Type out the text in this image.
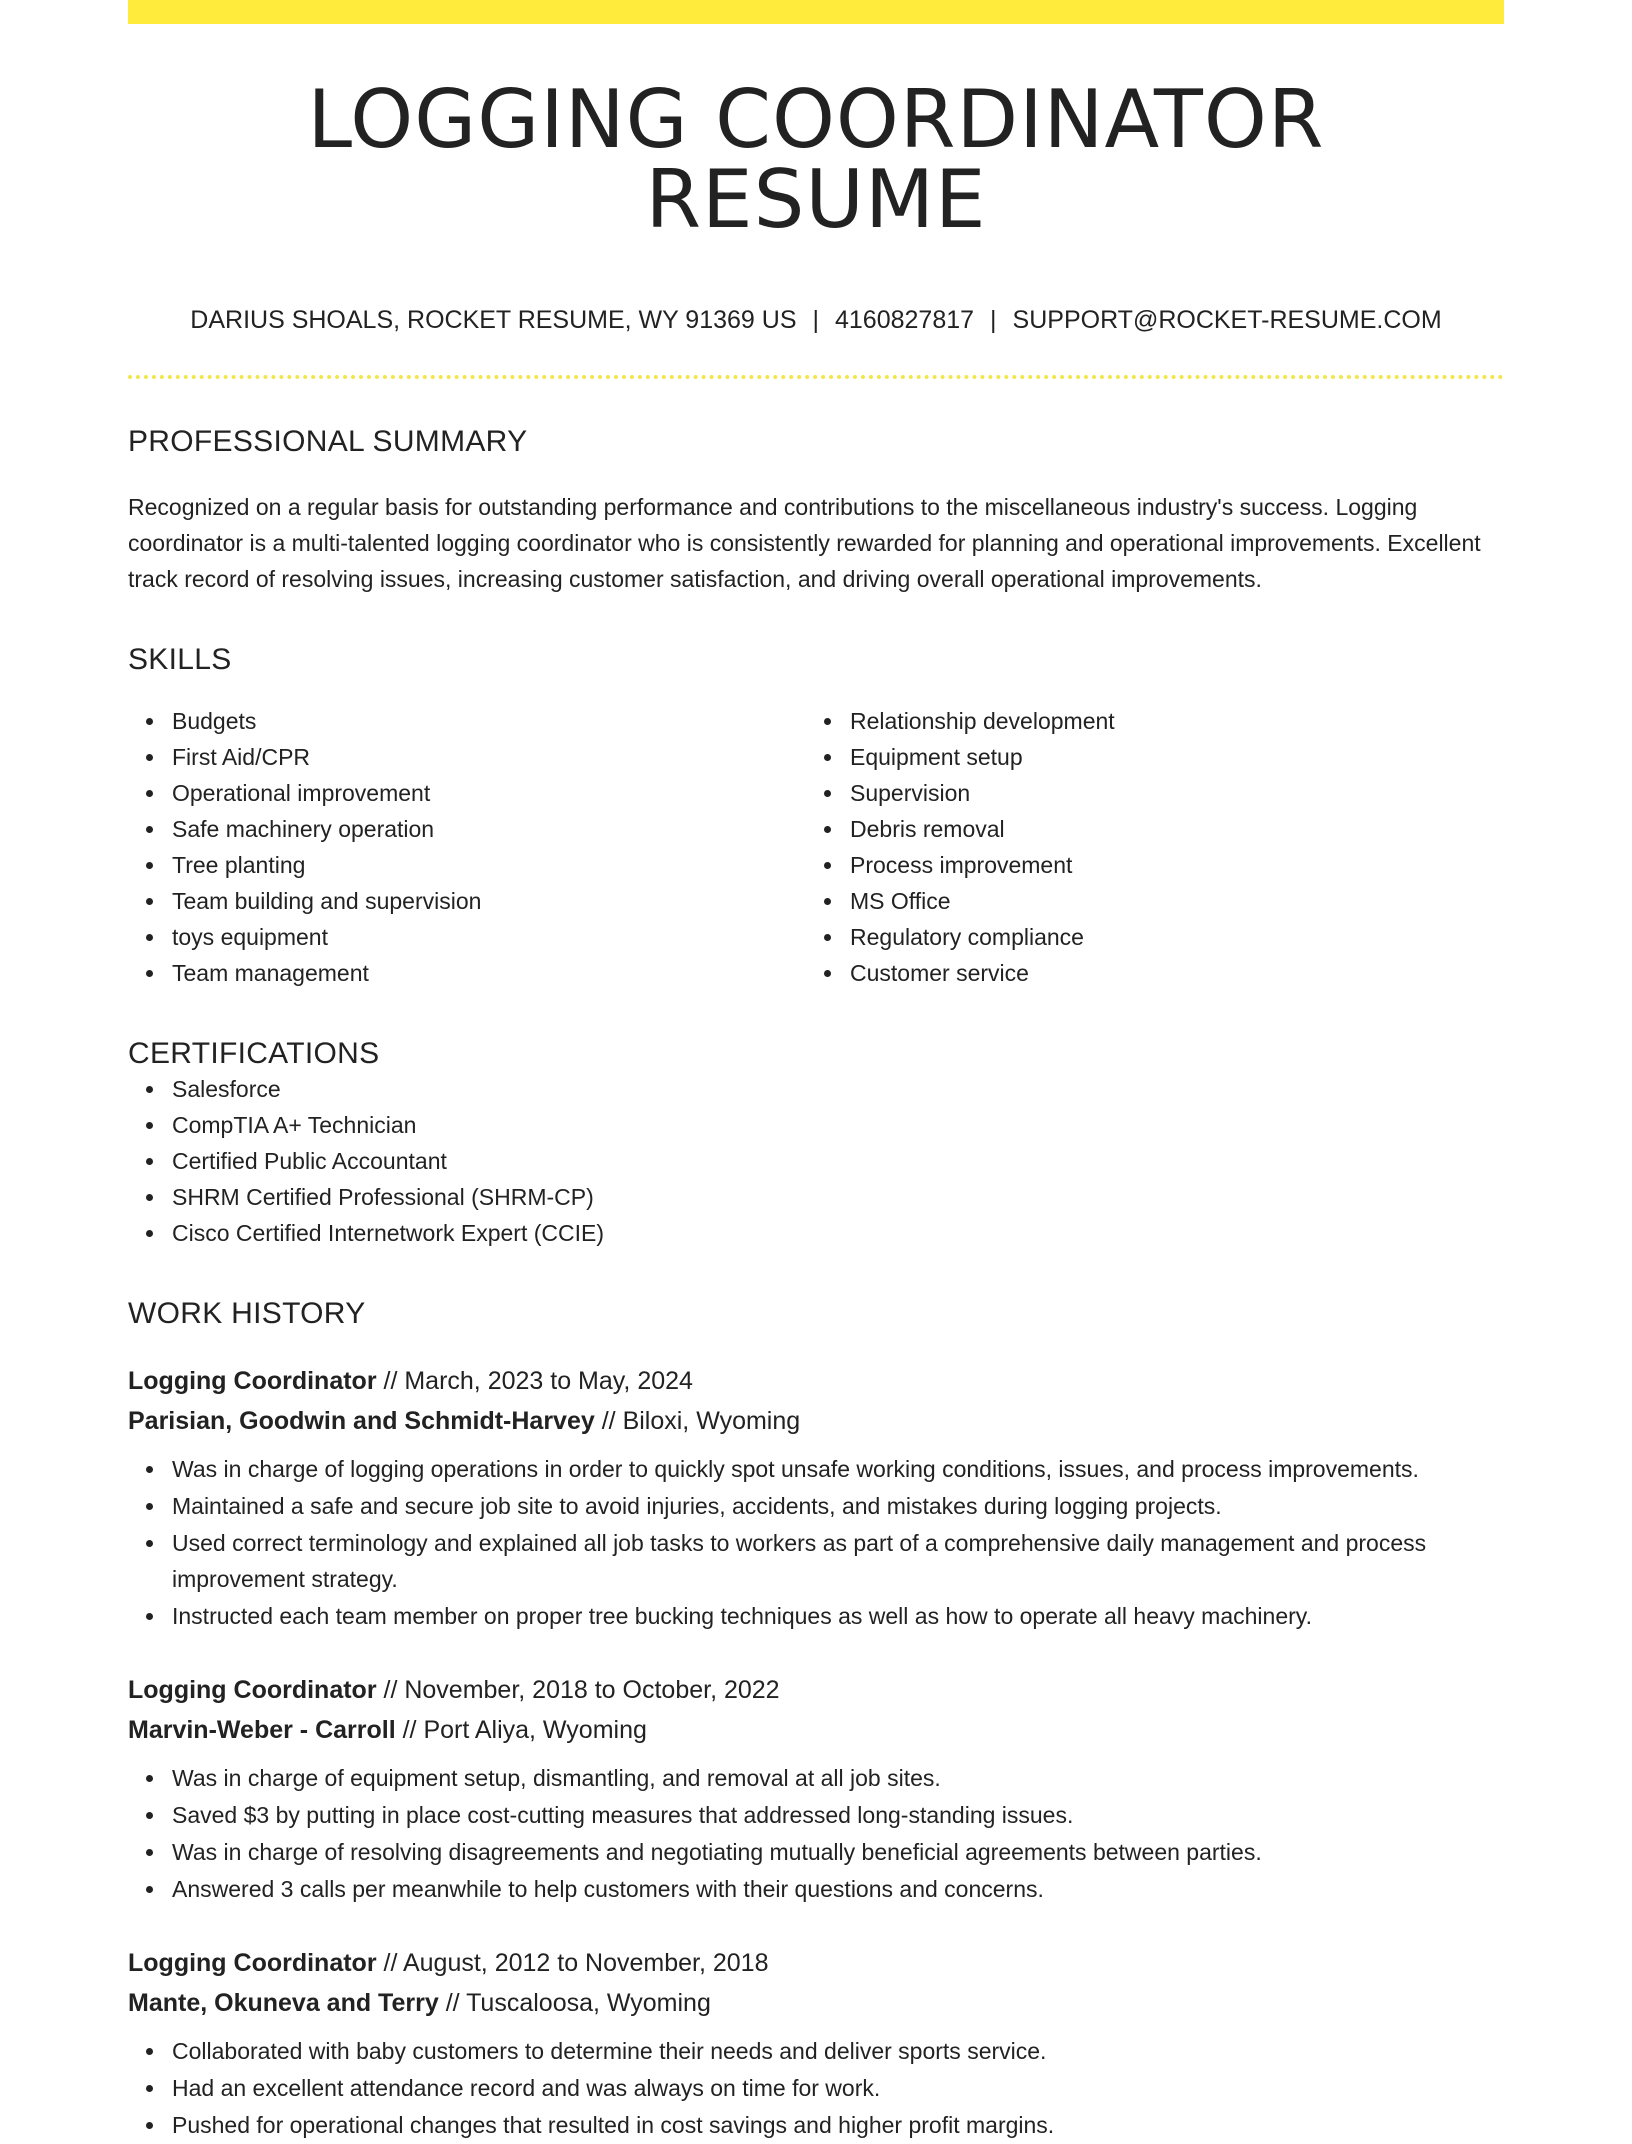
LOGGING COORDINATOR RESUME
DARIUS SHOALS, ROCKET RESUME, WY 91369 US | 4160827817 | SUPPORT@ROCKET-RESUME.COM
PROFESSIONAL SUMMARY

Recognized on a regular basis for outstanding performance and contributions to the miscellaneous industry's success. Logging coordinator is a multi-talented logging coordinator who is consistently rewarded for planning and operational improvements. Excellent track record of resolving issues, increasing customer satisfaction, and driving overall operational improvements.

SKILLS
Budgets
First Aid/CPR
Operational improvement
Safe machinery operation
Tree planting
Team building and supervision
toys equipment
Team management
Relationship development
Equipment setup
Supervision
Debris removal
Process improvement
MS Office
Regulatory compliance
Customer service
CERTIFICATIONS
Salesforce
CompTIA A+ Technician
Certified Public Accountant
SHRM Certified Professional (SHRM-CP)
Cisco Certified Internetwork Expert (CCIE)
WORK HISTORY
Logging Coordinator // March, 2023 to May, 2024
Parisian, Goodwin and Schmidt-Harvey // Biloxi, Wyoming
Was in charge of logging operations in order to quickly spot unsafe working conditions, issues, and process improvements.
Maintained a safe and secure job site to avoid injuries, accidents, and mistakes during logging projects.
Used correct terminology and explained all job tasks to workers as part of a comprehensive daily management and process improvement strategy.
Instructed each team member on proper tree bucking techniques as well as how to operate all heavy machinery.
Logging Coordinator // November, 2018 to October, 2022
Marvin-Weber - Carroll // Port Aliya, Wyoming
Was in charge of equipment setup, dismantling, and removal at all job sites.
Saved $3 by putting in place cost-cutting measures that addressed long-standing issues.
Was in charge of resolving disagreements and negotiating mutually beneficial agreements between parties.
Answered 3 calls per meanwhile to help customers with their questions and concerns.
Logging Coordinator // August, 2012 to November, 2018
Mante, Okuneva and Terry // Tuscaloosa, Wyoming
Collaborated with baby customers to determine their needs and deliver sports service.
Had an excellent attendance record and was always on time for work.
Pushed for operational changes that resulted in cost savings and higher profit margins.
